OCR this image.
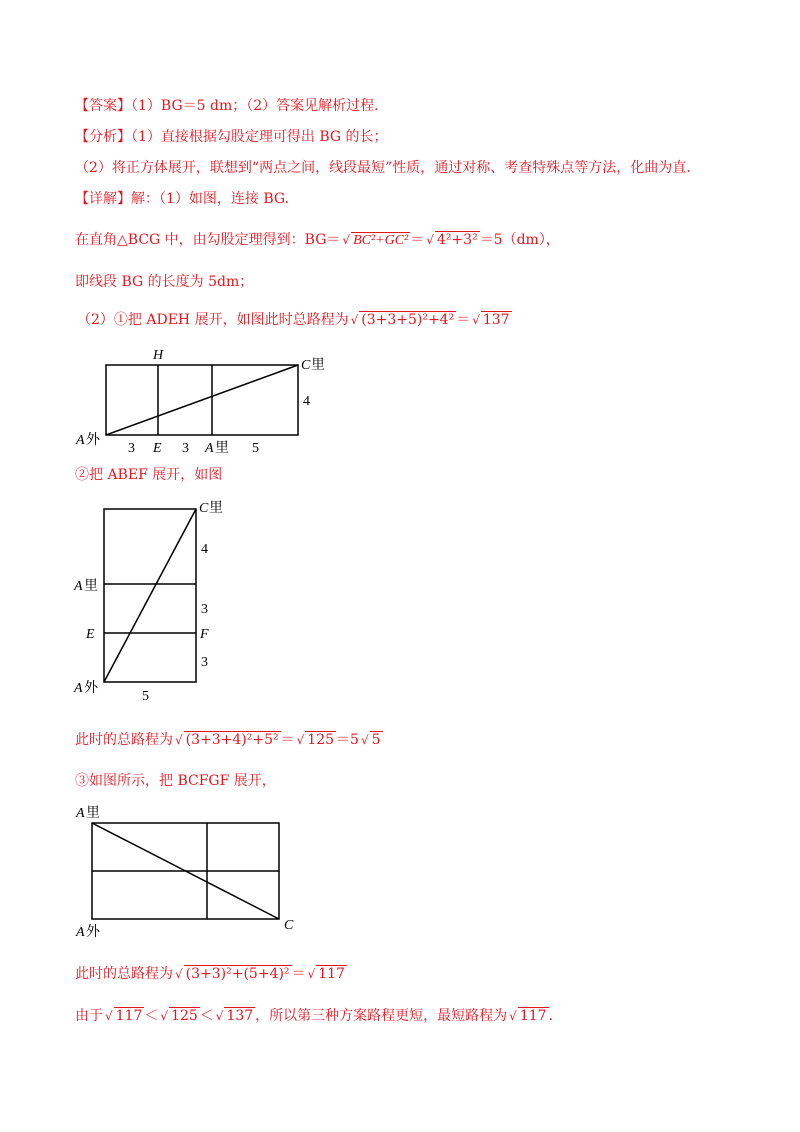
【答案】（1）BG＝5 dm；（2）答案见解析过程.
【分析】（1）直接根据勾股定理可得出 BG 的长；
（2）将正方体展开，联想到“两点之间，线段最短”性质，通过对称、考查特殊点等方法，化曲为直.
【详解】解：（1）如图，连接 BG.
在直角△BCG 中，由勾股定理得到：BG＝ √ BC²+GC² ＝ √ 4²+3² ＝5（dm），
即线段 BG 的长度为 5dm；
（2）①把 ADEH 展开，如图此时总路程为 √ (3+3+5)²+4² ＝ √ 137
H
C 里
4
A 外
3 E 3 A 里 5
②把 ABEF 展开，如图
C 里
4
A 里
3
E	F
3
A 外
5
此时的总路程为 √ (3+3+4)²+5² ＝ √ 125 ＝5 √ 5
③如图所示，把 BCFGF 展开，
A 里
A 外	C
此时的总路程为 √ (3+3)²+(5+4)² ＝ √ 117
由于 √ 117 ＜ √ 125 ＜ √ 137 ，所以第三种方案路程更短，最短路程为 √ 117 .
